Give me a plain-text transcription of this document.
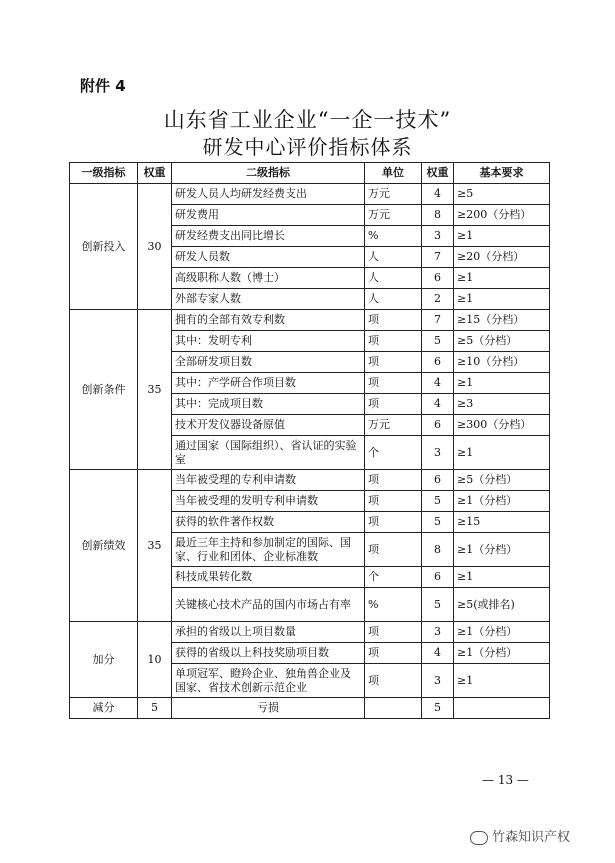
附件 4
山东省工业企业“一企一技术”
研发中心评价指标体系
一级指标	权重	二级指标	单位	权重	基本要求
创新投入	30	研发人员人均研发经费支出	万元	4	≥5
		研发费用	万元	8	≥200（分档）
		研发经费支出同比增长	%	3	≥1
		研发人员数	人	7	≥20（分档）
		高级职称人数（博士）	人	6	≥1
		外部专家人数	人	2	≥1
创新条件	35	拥有的全部有效专利数	项	7	≥15（分档）
		其中：发明专利	项	5	≥5（分档）
		全部研发项目数	项	6	≥10（分档）
		其中：产学研合作项目数	项	4	≥1
		其中：完成项目数	项	4	≥3
		技术开发仪器设备原值	万元	6	≥300（分档）
		通过国家（国际组织）、省认证的实验室	个	3	≥1
创新绩效	35	当年被受理的专利申请数	项	6	≥5（分档）
		当年被受理的发明专利申请数	项	5	≥1（分档）
		获得的软件著作权数	项	5	≥15
		最近三年主持和参加制定的国际、国家、行业和团体、企业标准数	项	8	≥1（分档）
		科技成果转化数	个	6	≥1
		关键核心技术产品的国内市场占有率	%	5	≥5(或排名)
加分	10	承担的省级以上项目数量	项	3	≥1（分档）
		获得的省级以上科技奖励项目数	项	4	≥1（分档）
		单项冠军、瞪羚企业、独角兽企业及国家、省技术创新示范企业	项	3	≥1
减分	5	亏损		5	
— 13 —
竹森知识产权
